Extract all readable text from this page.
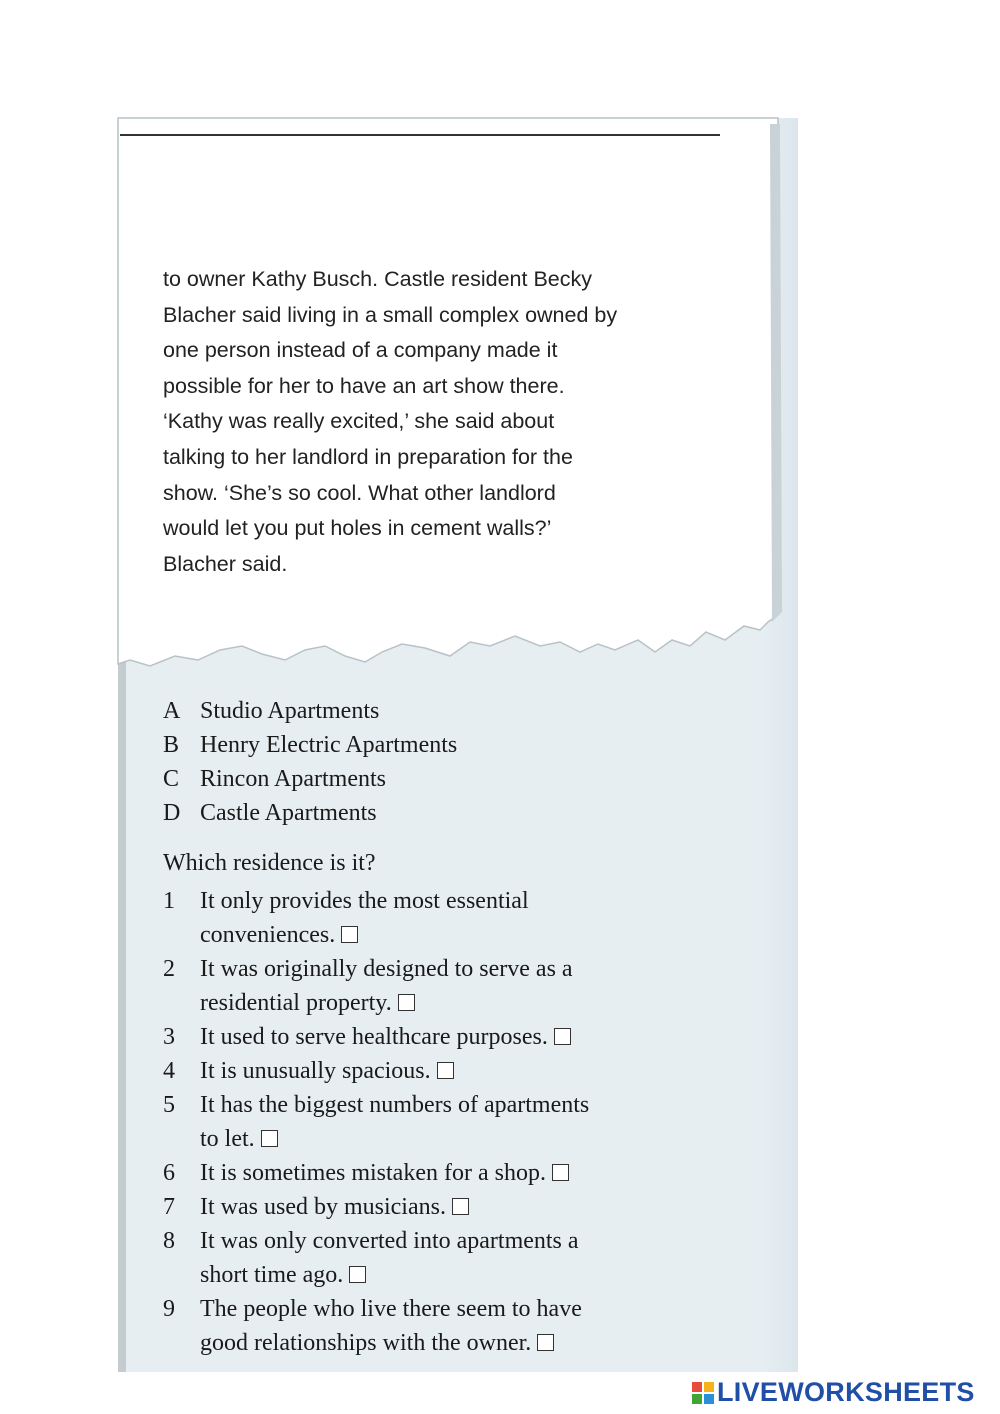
to owner Kathy Busch. Castle resident Becky
Blacher said living in a small complex owned by
one person instead of a company made it
possible for her to have an art show there.
‘Kathy was really excited,’ she said about
talking to her landlord in preparation for the
show. ‘She’s so cool. What other landlord
would let you put holes in cement walls?’
Blacher said.
A Studio Apartments
B Henry Electric Apartments
C Rincon Apartments
D Castle Apartments
Which residence is it?
1	It only provides the most essential
conveniences.
2	It was originally designed to serve as a
residential property.
3	It used to serve healthcare purposes.
4	It is unusually spacious.
5	It has the biggest numbers of apartments
to let.
6	It is sometimes mistaken for a shop.
7	It was used by musicians.
8	It was only converted into apartments a
short time ago.
9	The people who live there seem to have
good relationships with the owner.
LIVEWORKSHEETS
